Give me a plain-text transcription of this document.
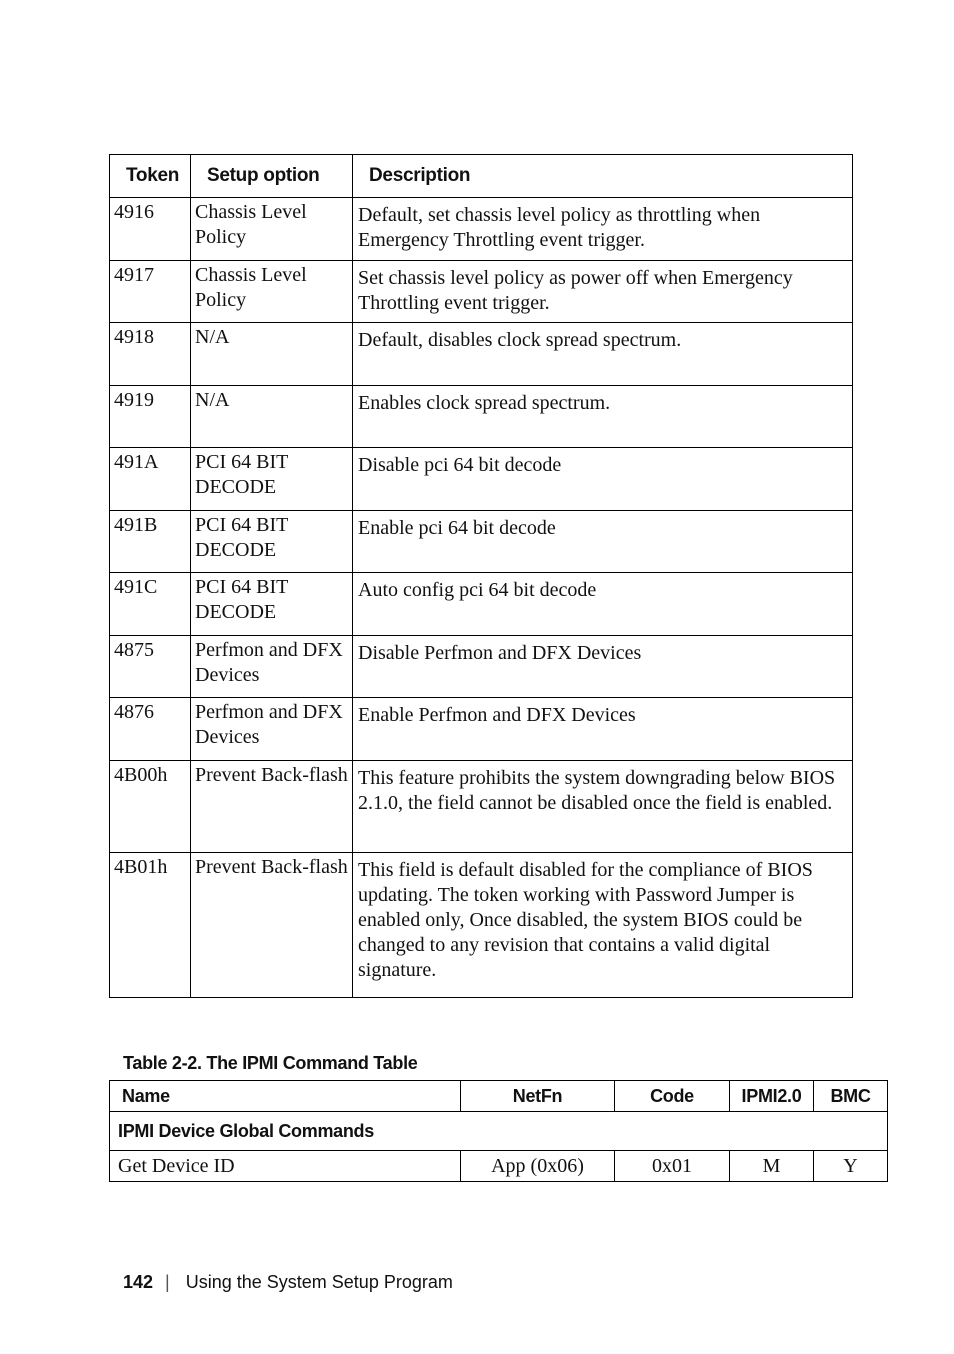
Token	Setup option	Description
4916	Chassis Level Policy	Default, set chassis level policy as throttling when Emergency Throttling event trigger.
4917	Chassis Level Policy	Set chassis level policy as power off when Emergency Throttling event trigger.
4918	N/A	Default, disables clock spread spectrum.
4919	N/A	Enables clock spread spectrum.
491A	PCI 64 BIT DECODE	Disable pci 64 bit decode
491B	PCI 64 BIT DECODE	Enable pci 64 bit decode
491C	PCI 64 BIT DECODE	Auto config pci 64 bit decode
4875	Perfmon and DFX Devices	Disable Perfmon and DFX Devices
4876	Perfmon and DFX Devices	Enable Perfmon and DFX Devices
4B00h	Prevent Back-flash	This feature prohibits the system downgrading below BIOS 2.1.0, the field cannot be disabled once the field is enabled.
4B01h	Prevent Back-flash	This field is default disabled for the compliance of BIOS updating. The token working with Password Jumper is enabled only, Once disabled, the system BIOS could be changed to any revision that contains a valid digital signature.
Table 2-2. The IPMI Command Table
Name	NetFn	Code	IPMI2.0	BMC
IPMI Device Global Commands				
Get Device ID	App (0x06)	0x01	M	Y
142 | Using the System Setup Program
